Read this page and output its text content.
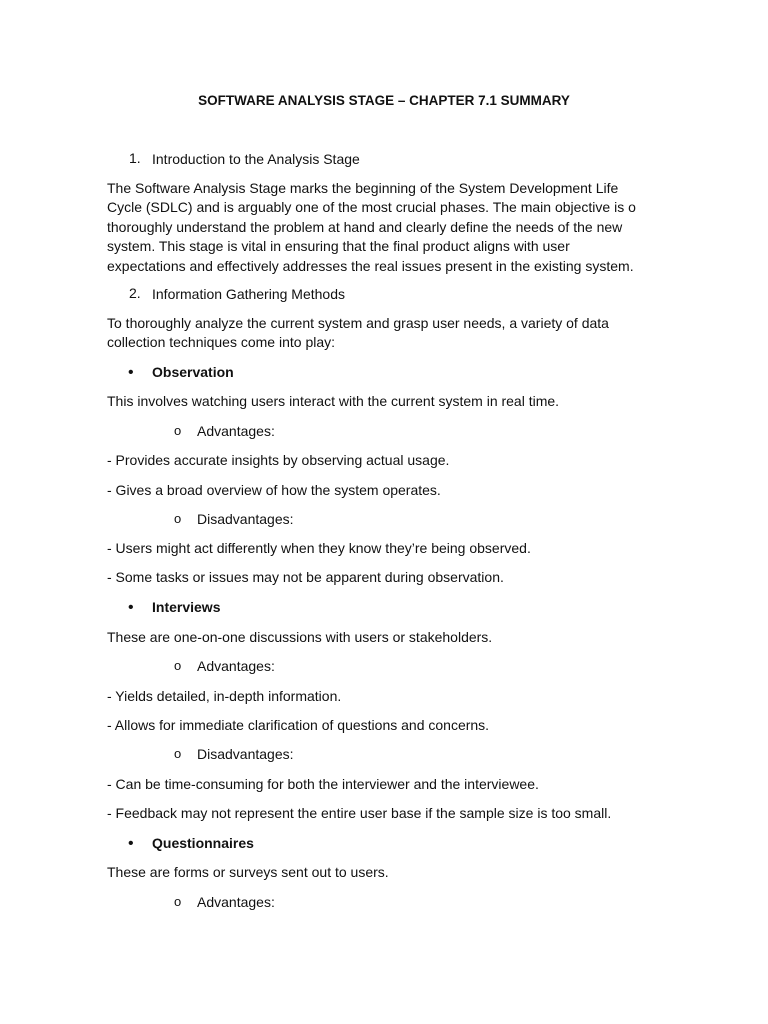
SOFTWARE ANALYSIS STAGE – CHAPTER 7.1 SUMMARY
1. Introduction to the Analysis Stage
The Software Analysis Stage marks the beginning of the System Development Life
Cycle (SDLC) and is arguably one of the most crucial phases. The main objective is o
thoroughly understand the problem at hand and clearly define the needs of the new
system. This stage is vital in ensuring that the final product aligns with user
expectations and effectively addresses the real issues present in the existing system.
2. Information Gathering Methods
To thoroughly analyze the current system and grasp user needs, a variety of data
collection techniques come into play:
• Observation
This involves watching users interact with the current system in real time.
o Advantages:
- Provides accurate insights by observing actual usage.
- Gives a broad overview of how the system operates.
o Disadvantages:
- Users might act differently when they know they’re being observed.
- Some tasks or issues may not be apparent during observation.
• Interviews
These are one-on-one discussions with users or stakeholders.
o Advantages:
- Yields detailed, in-depth information.
- Allows for immediate clarification of questions and concerns.
o Disadvantages:
- Can be time-consuming for both the interviewer and the interviewee.
- Feedback may not represent the entire user base if the sample size is too small.
• Questionnaires
These are forms or surveys sent out to users.
o Advantages:
